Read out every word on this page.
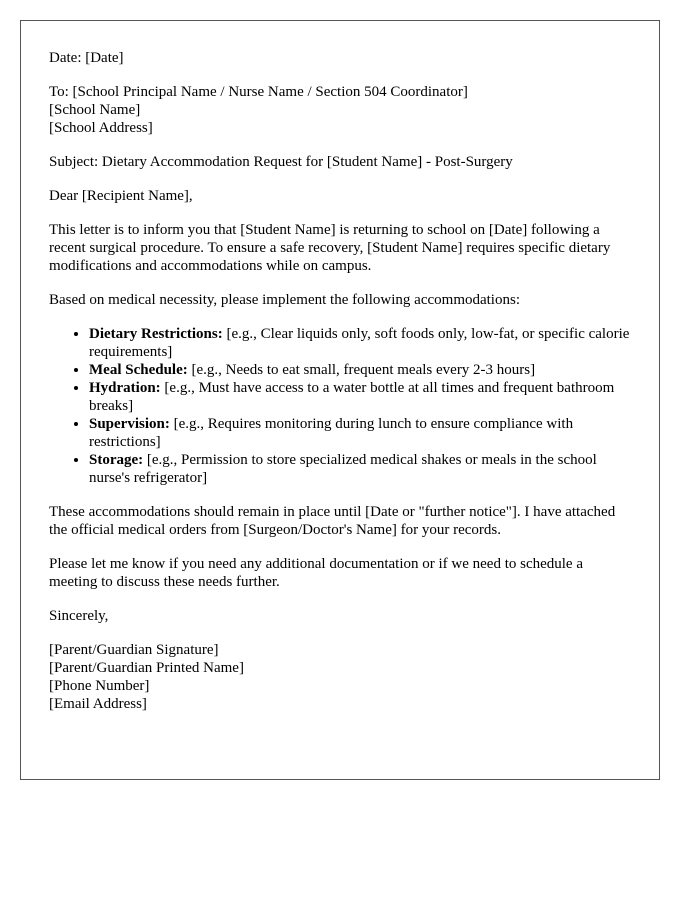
Date: [Date]

To: [School Principal Name / Nurse Name / Section 504 Coordinator]
[School Name]
[School Address]

Subject: Dietary Accommodation Request for [Student Name] - Post-Surgery

Dear [Recipient Name],

This letter is to inform you that [Student Name] is returning to school on [Date] following a recent surgical procedure. To ensure a safe recovery, [Student Name] requires specific dietary modifications and accommodations while on campus.

Based on medical necessity, please implement the following accommodations:

• Dietary Restrictions: [e.g., Clear liquids only, soft foods only, low-fat, or specific calorie requirements]
• Meal Schedule: [e.g., Needs to eat small, frequent meals every 2-3 hours]
• Hydration: [e.g., Must have access to a water bottle at all times and frequent bathroom breaks]
• Supervision: [e.g., Requires monitoring during lunch to ensure compliance with restrictions]
• Storage: [e.g., Permission to store specialized medical shakes or meals in the school nurse's refrigerator]

These accommodations should remain in place until [Date or "further notice"]. I have attached the official medical orders from [Surgeon/Doctor's Name] for your records.

Please let me know if you need any additional documentation or if we need to schedule a meeting to discuss these needs further.

Sincerely,

[Parent/Guardian Signature]
[Parent/Guardian Printed Name]
[Phone Number]
[Email Address]
